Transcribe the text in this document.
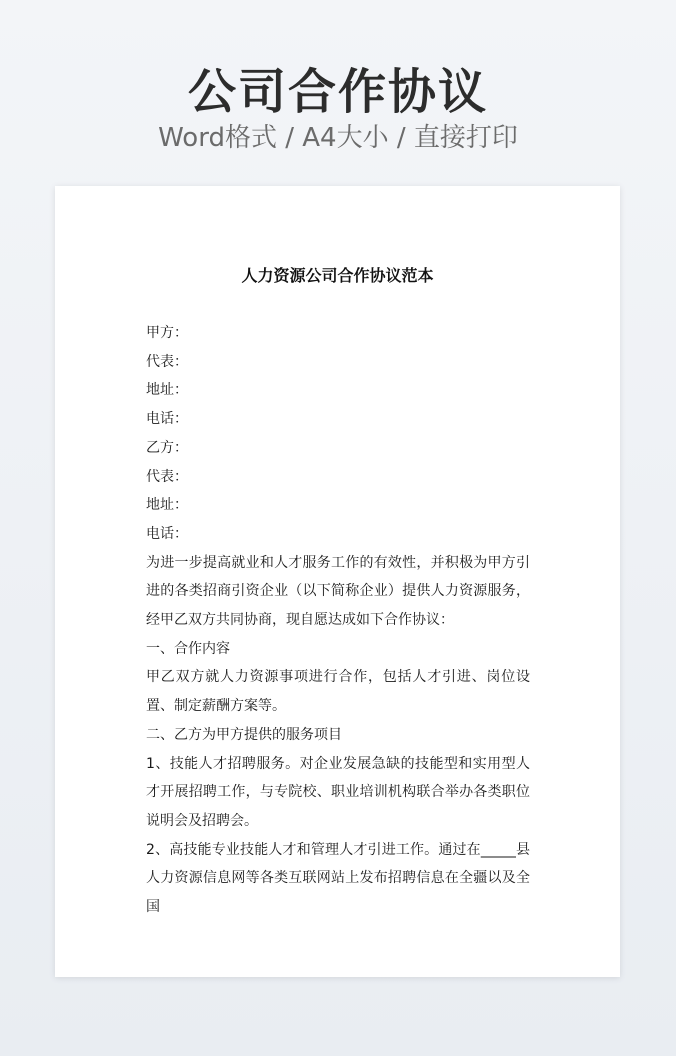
公司合作协议
Word格式 / A4大小 / 直接打印
人力资源公司合作协议范本

甲方：

代表：

地址：

电话：

乙方：

代表：

地址：

电话：

为进一步提高就业和人才服务工作的有效性，并积极为甲方引进的各类招商引资企业（以下简称企业）提供人力资源服务，经甲乙双方共同协商，现自愿达成如下合作协议：

一、合作内容

甲乙双方就人力资源事项进行合作，包括人才引进、岗位设置、制定薪酬方案等。

二、乙方为甲方提供的服务项目

1、技能人才招聘服务。对企业发展急缺的技能型和实用型人才开展招聘工作，与专院校、职业培训机构联合举办各类职位说明会及招聘会。

2、高技能专业技能人才和管理人才引进工作。通过在_____县人力资源信息网等各类互联网站上发布招聘信息在全疆以及全国
